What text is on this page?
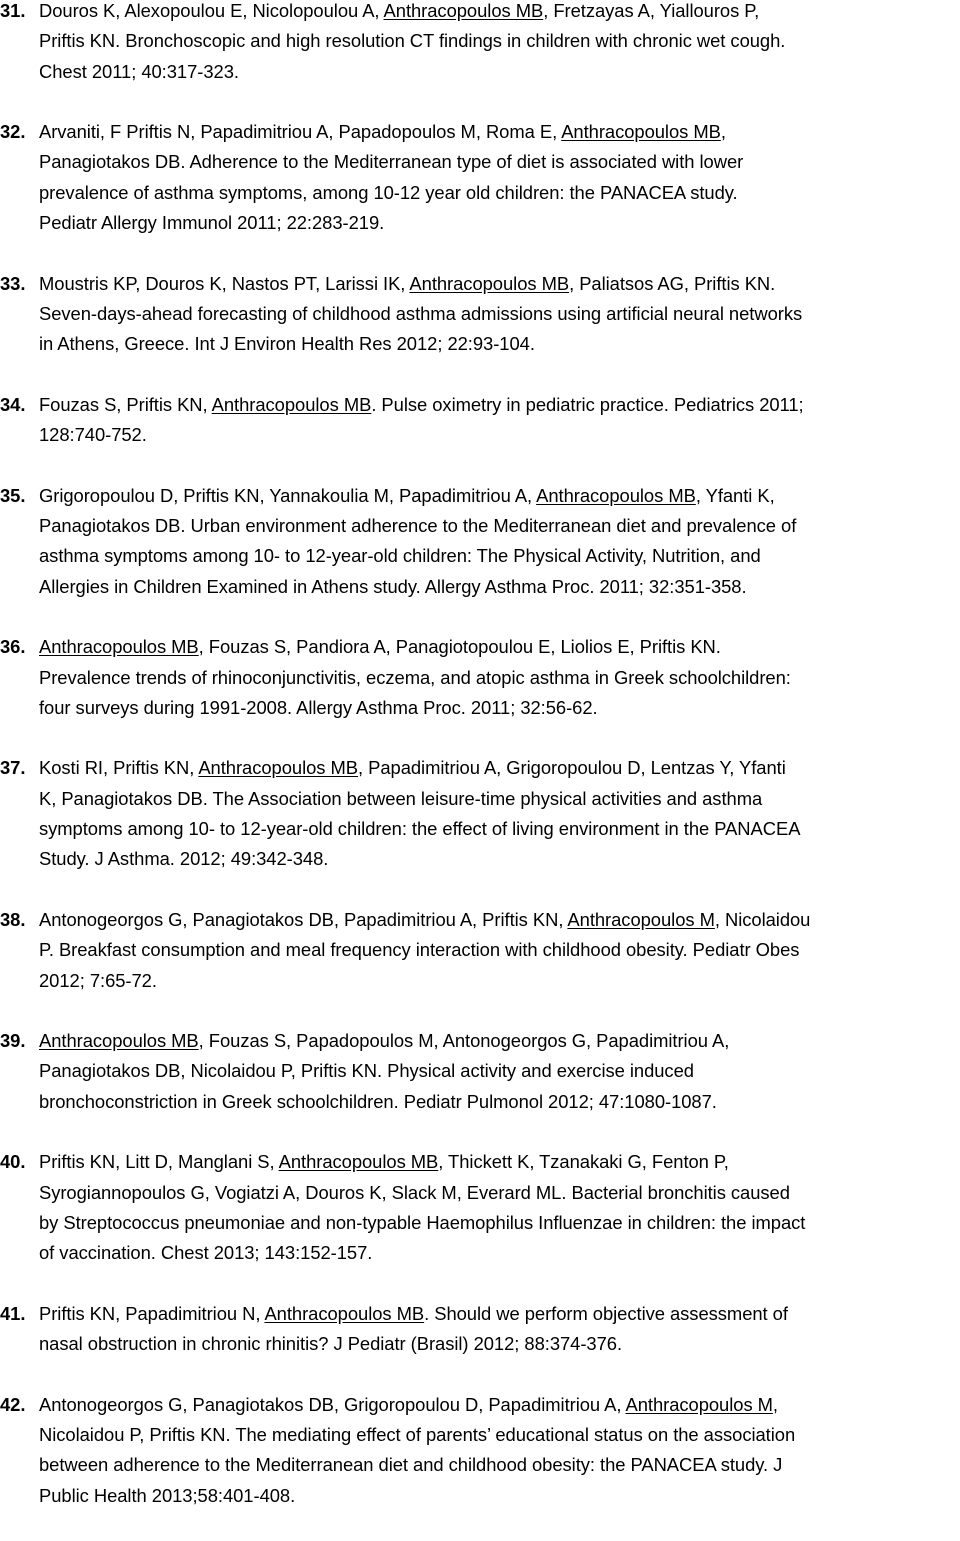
31. Douros K, Alexopoulou E, Nicolopoulou A, Anthracopoulos MB, Fretzayas A, Yiallouros P,
Priftis KN. Bronchoscopic and high resolution CT findings in children with chronic wet cough.
Chest 2011; 40:317-323.
32. Arvaniti, F Priftis N, Papadimitriou A, Papadopoulos M, Roma E, Anthracopoulos MB,
Panagiotakos DB. Adherence to the Mediterranean type of diet is associated with lower
prevalence of asthma symptoms, among 10-12 year old children: the PANACEA study.
Pediatr Allergy Immunol 2011; 22:283-219.
33. Moustris KP, Douros K, Nastos PT, Larissi IK, Anthracopoulos MB, Paliatsos AG, Priftis KN.
Seven-days-ahead forecasting of childhood asthma admissions using artificial neural networks
in Athens, Greece. Int J Environ Health Res 2012; 22:93-104.
34. Fouzas S, Priftis KN, Anthracopoulos MB. Pulse oximetry in pediatric practice. Pediatrics 2011;
128:740-752.
35. Grigoropoulou D, Priftis KN, Yannakoulia M, Papadimitriou A, Anthracopoulos MB, Yfanti K,
Panagiotakos DB. Urban environment adherence to the Mediterranean diet and prevalence of
asthma symptoms among 10- to 12-year-old children: The Physical Activity, Nutrition, and
Allergies in Children Examined in Athens study. Allergy Asthma Proc. 2011; 32:351-358.
36. Anthracopoulos MB, Fouzas S, Pandiora A, Panagiotopoulou E, Liolios E, Priftis KN.
Prevalence trends of rhinoconjunctivitis, eczema, and atopic asthma in Greek schoolchildren:
four surveys during 1991-2008. Allergy Asthma Proc. 2011; 32:56-62.
37. Kosti RI, Priftis KN, Anthracopoulos MB, Papadimitriou A, Grigoropoulou D, Lentzas Y, Yfanti
K, Panagiotakos DB. The Association between leisure-time physical activities and asthma
symptoms among 10- to 12-year-old children: the effect of living environment in the PANACEA
Study. J Asthma. 2012; 49:342-348.
38. Antonogeorgos G, Panagiotakos DB, Papadimitriou A, Priftis KN, Anthracopoulos M, Nicolaidou
P. Breakfast consumption and meal frequency interaction with childhood obesity. Pediatr Obes
2012; 7:65-72.
39. Anthracopoulos MB, Fouzas S, Papadopoulos M, Antonogeorgos G, Papadimitriou A,
Panagiotakos DB, Nicolaidou P, Priftis KN. Physical activity and exercise induced
bronchoconstriction in Greek schoolchildren. Pediatr Pulmonol 2012; 47:1080-1087.
40. Priftis KN, Litt D, Manglani S, Anthracopoulos MB, Thickett K, Tzanakaki G, Fenton P,
Syrogiannopoulos G, Vogiatzi A, Douros K, Slack M, Everard ML. Bacterial bronchitis caused
by Streptococcus pneumoniae and non-typable Haemophilus Influenzae in children: the impact
of vaccination. Chest 2013; 143:152-157.
41. Priftis KN, Papadimitriou N, Anthracopoulos MB. Should we perform objective assessment of
nasal obstruction in chronic rhinitis? J Pediatr (Brasil) 2012; 88:374-376.
42. Antonogeorgos G, Panagiotakos DB, Grigoropoulou D, Papadimitriou A, Anthracopoulos M,
Nicolaidou P, Priftis KN. The mediating effect of parents’ educational status on the association
between adherence to the Mediterranean diet and childhood obesity: the PANACEA study. J
Public Health 2013;58:401-408.
